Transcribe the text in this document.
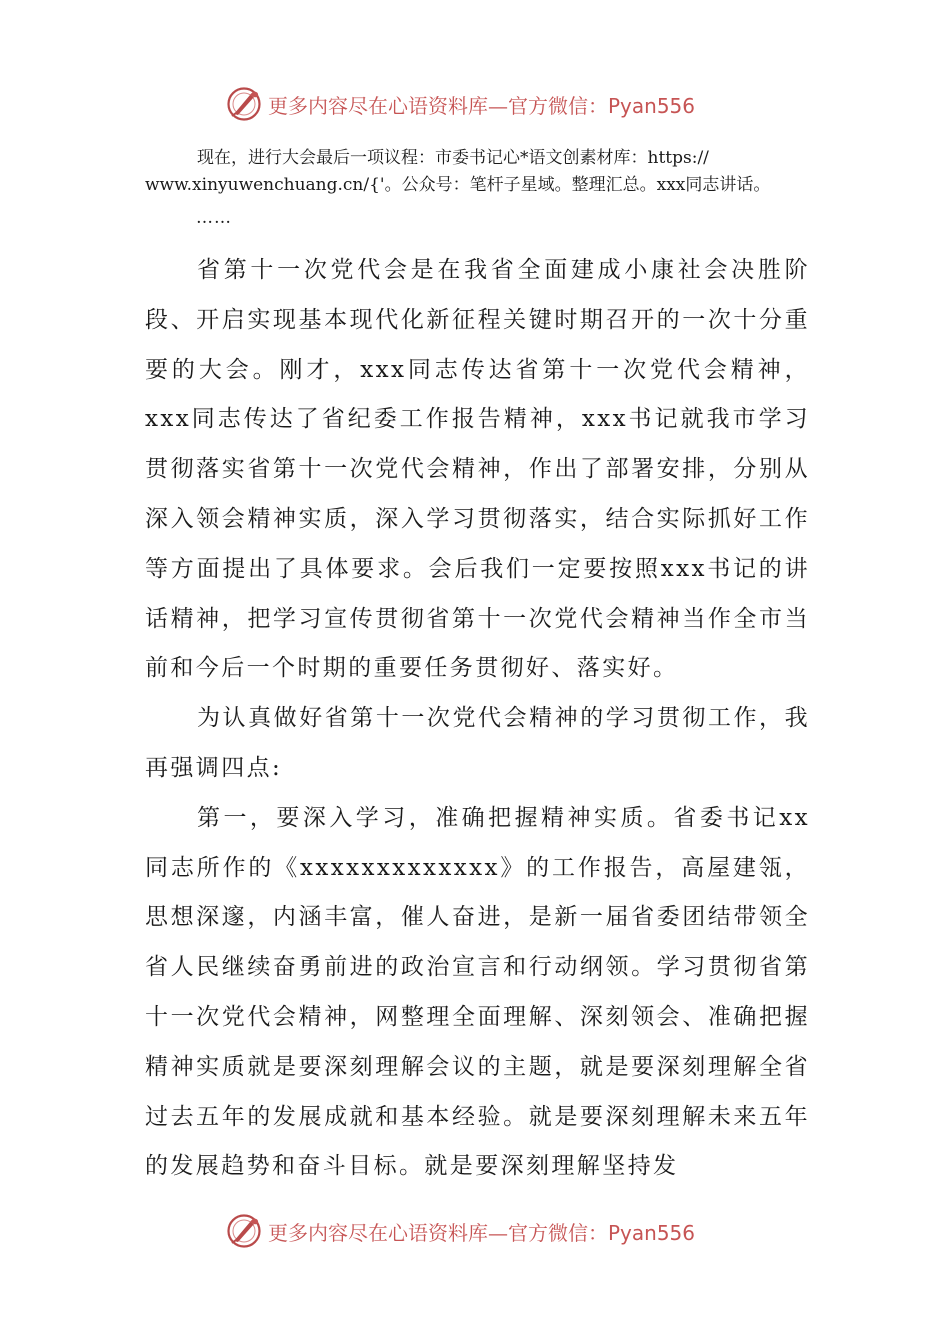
更多内容尽在心语资料库—官方微信：Pyan556
现在，进行大会最后一项议程：市委书记心*语文创素材库：https://
www.xinyuwenchuang.cn/{'。公众号：笔杆子星域。整理汇总。xxx同志讲话。
……

省第十一次党代会是在我省全面建成小康社会决胜阶段、开启实现基本现代化新征程关键时期召开的一次十分重要的大会。刚才，xxx同志传达省第十一次党代会精神，xxx同志传达了省纪委工作报告精神，xxx书记就我市学习贯彻落实省第十一次党代会精神，作出了部署安排，分别从深入领会精神实质，深入学习贯彻落实，结合实际抓好工作等方面提出了具体要求。会后我们一定要按照xxx书记的讲话精神，把学习宣传贯彻省第十一次党代会精神当作全市当前和今后一个时期的重要任务贯彻好、落实好。

为认真做好省第十一次党代会精神的学习贯彻工作，我再强调四点:

第一，要深入学习，准确把握精神实质。省委书记xx同志所作的《xxxxxxxxxxxxx》的工作报告，高屋建瓴，思想深邃，内涵丰富，催人奋进，是新一届省委团结带领全省人民继续奋勇前进的政治宣言和行动纲领。学习贯彻省第十一次党代会精神，网整理全面理解、深刻领会、准确把握精神实质就是要深刻理解会议的主题，就是要深刻理解全省过去五年的发展成就和基本经验。就是要深刻理解未来五年的发展趋势和奋斗目标。就是要深刻理解坚持发

更多内容尽在心语资料库—官方微信：Pyan556
